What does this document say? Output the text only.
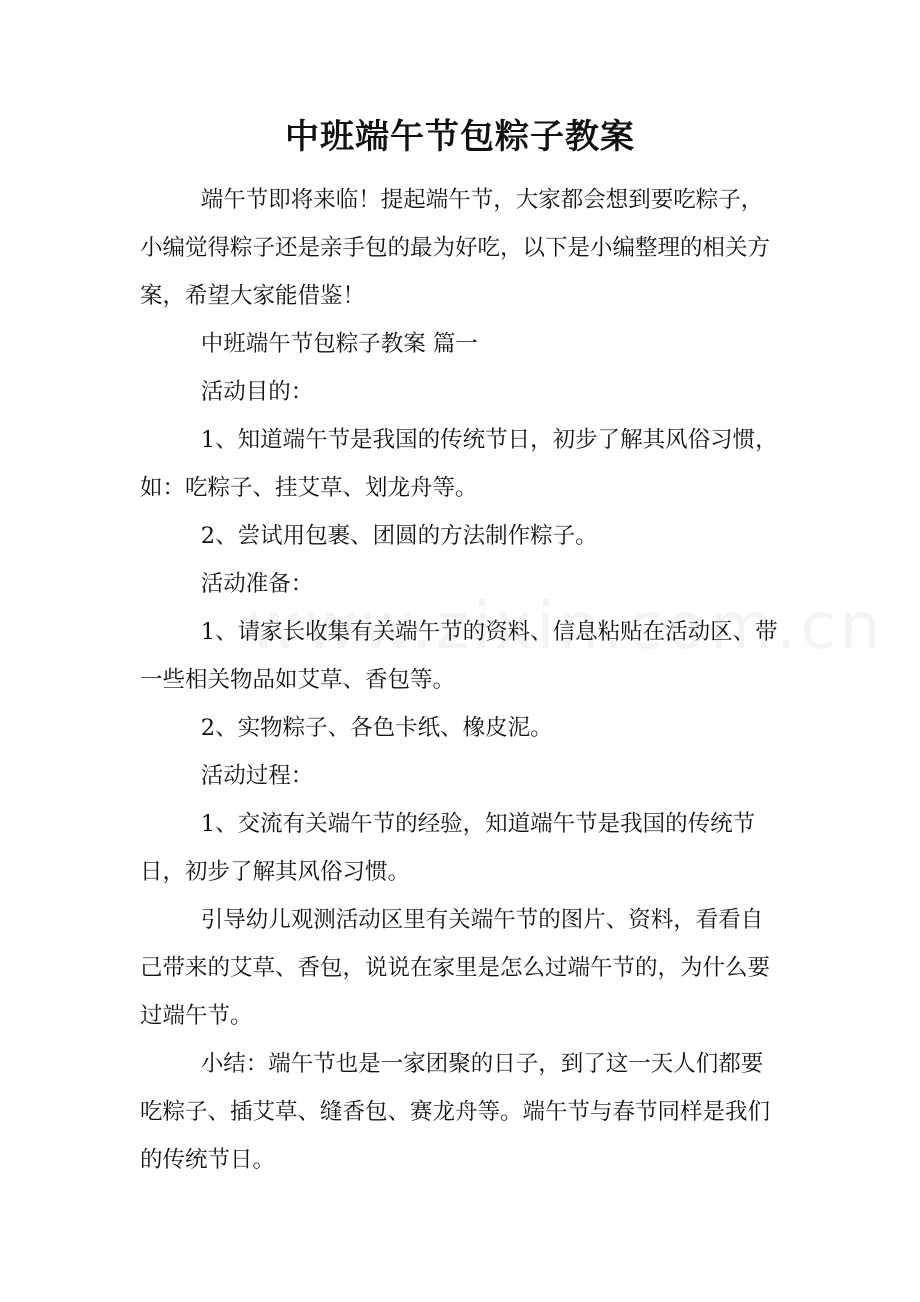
中班端午节包粽子教案

端午节即将来临！提起端午节，大家都会想到要吃粽子，小编觉得粽子还是亲手包的最为好吃，以下是小编整理的相关方案，希望大家能借鉴！

中班端午节包粽子教案 篇一

活动目的：

1、知道端午节是我国的传统节日，初步了解其风俗习惯，如：吃粽子、挂艾草、划龙舟等。

2、尝试用包裹、团圆的方法制作粽子。

活动准备：

1、请家长收集有关端午节的资料、信息粘贴在活动区、带一些相关物品如艾草、香包等。

2、实物粽子、各色卡纸、橡皮泥。

活动过程：

1、交流有关端午节的经验，知道端午节是我国的传统节日，初步了解其风俗习惯。

引导幼儿观测活动区里有关端午节的图片、资料，看看自己带来的艾草、香包，说说在家里是怎么过端午节的，为什么要过端午节。

小结：端午节也是一家团聚的日子，到了这一天人们都要吃粽子、插艾草、缝香包、赛龙舟等。端午节与春节同样是我们的传统节日。
